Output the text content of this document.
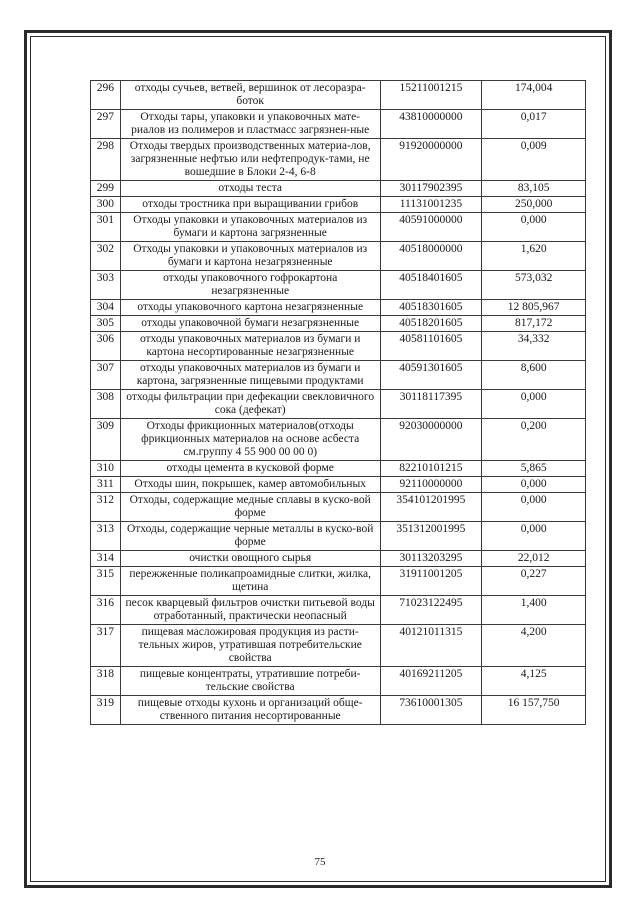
296	отходы сучьев, ветвей, вершинок от лесоразра-боток	15211001215	174,004
297	Отходы тары, упаковки и упаковочных мате-риалов из полимеров и пластмасс загрязнен-ные	43810000000	0,017
298	Отходы твердых производственных материа-лов, загрязненные нефтью или нефтепродук-тами, не вошедшие в Блоки 2-4, 6-8	91920000000	0,009
299	отходы теста	30117902395	83,105
300	отходы тростника при выращивании грибов	11131001235	250,000
301	Отходы упаковки и упаковочных материалов из бумаги и картона загрязненные	40591000000	0,000
302	Отходы упаковки и упаковочных материалов из бумаги и картона незагрязненные	40518000000	1,620
303	отходы упаковочного гофрокартона незагрязненные	40518401605	573,032
304	отходы упаковочного картона незагрязненные	40518301605	12 805,967
305	отходы упаковочной бумаги незагрязненные	40518201605	817,172
306	отходы упаковочных материалов из бумаги и картона несортированные незагрязненные	40581101605	34,332
307	отходы упаковочных материалов из бумаги и картона, загрязненные пищевыми продуктами	40591301605	8,600
308	отходы фильтрации при дефекации свекловичного сока (дефекат)	30118117395	0,000
309	Отходы фрикционных материалов(отходы фрикционных материалов на основе асбеста см.группу 4 55 900 00 00 0)	92030000000	0,200
310	отходы цемента в кусковой форме	82210101215	5,865
311	Отходы шин, покрышек, камер автомобильных	92110000000	0,000
312	Отходы, содержащие медные сплавы в куско-вой форме	354101201995	0,000
313	Отходы, содержащие черные металлы в куско-вой форме	351312001995	0,000
314	очистки овощного сырья	30113203295	22,012
315	пережженные поликапроамидные слитки, жилка, щетина	31911001205	0,227
316	песок кварцевый фильтров очистки питьевой воды отработанный, практически неопасный	71023122495	1,400
317	пищевая масложировая продукция из расти-тельных жиров, утратившая потребительские свойства	40121011315	4,200
318	пищевые концентраты, утратившие потреби-тельские свойства	40169211205	4,125
319	пищевые отходы кухонь и организаций обще-ственного питания несортированные	73610001305	16 157,750
75
